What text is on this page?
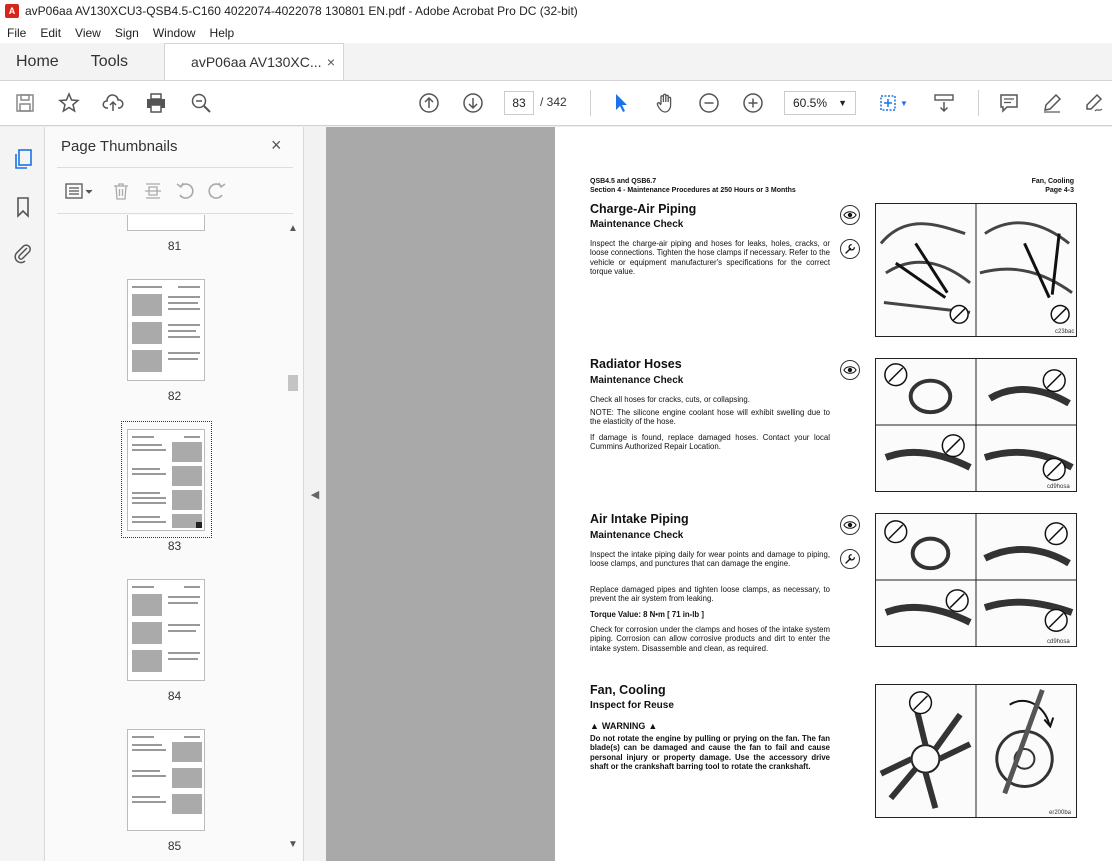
A avP06aa AV130XCU3-QSB4.5-C160 4022074-4022078 130801 EN.pdf - Adobe Acrobat Pro DC (32-bit)
File	Edit	View	Sign	Window	Help
Home	Tools	avP06aa AV130XC... ×
83	/ 342	60.5% ▼	▼
Page Thumbnails	×
81
82
83
84
85
▲
▼
◀
QSB4.5 and QSB6.7
Section 4 - Maintenance Procedures at 250 Hours or 3 Months
Fan, Cooling
Page 4-3
Charge-Air Piping
Maintenance Check
Inspect the charge-air piping and hoses for leaks, holes, cracks, or loose connections. Tighten the hose clamps if necessary. Refer to the vehicle or equipment manufacturer's specifications for the correct torque value.
c23bac
Radiator Hoses
Maintenance Check
Check all hoses for cracks, cuts, or collapsing.
NOTE: The silicone engine coolant hose will exhibit swelling due to the elasticity of the hose.
If damage is found, replace damaged hoses. Contact your local Cummins Authorized Repair Location.
cd9hosa
Air Intake Piping
Maintenance Check
Inspect the intake piping daily for wear points and damage to piping, loose clamps, and punctures that can damage the engine.
Replace damaged pipes and tighten loose clamps, as necessary, to prevent the air system from leaking.
Torque Value: 8 N•m [ 71 in-lb ]
Check for corrosion under the clamps and hoses of the intake system piping. Corrosion can allow corrosive products and dirt to enter the intake system. Disassemble and clean, as required.
cd9hosa
Fan, Cooling
Inspect for Reuse
▲ WARNING ▲
Do not rotate the engine by pulling or prying on the fan. The fan blade(s) can be damaged and cause the fan to fail and cause personal injury or property damage. Use the accessory drive shaft or the crankshaft barring tool to rotate the crankshaft.
er200ba
